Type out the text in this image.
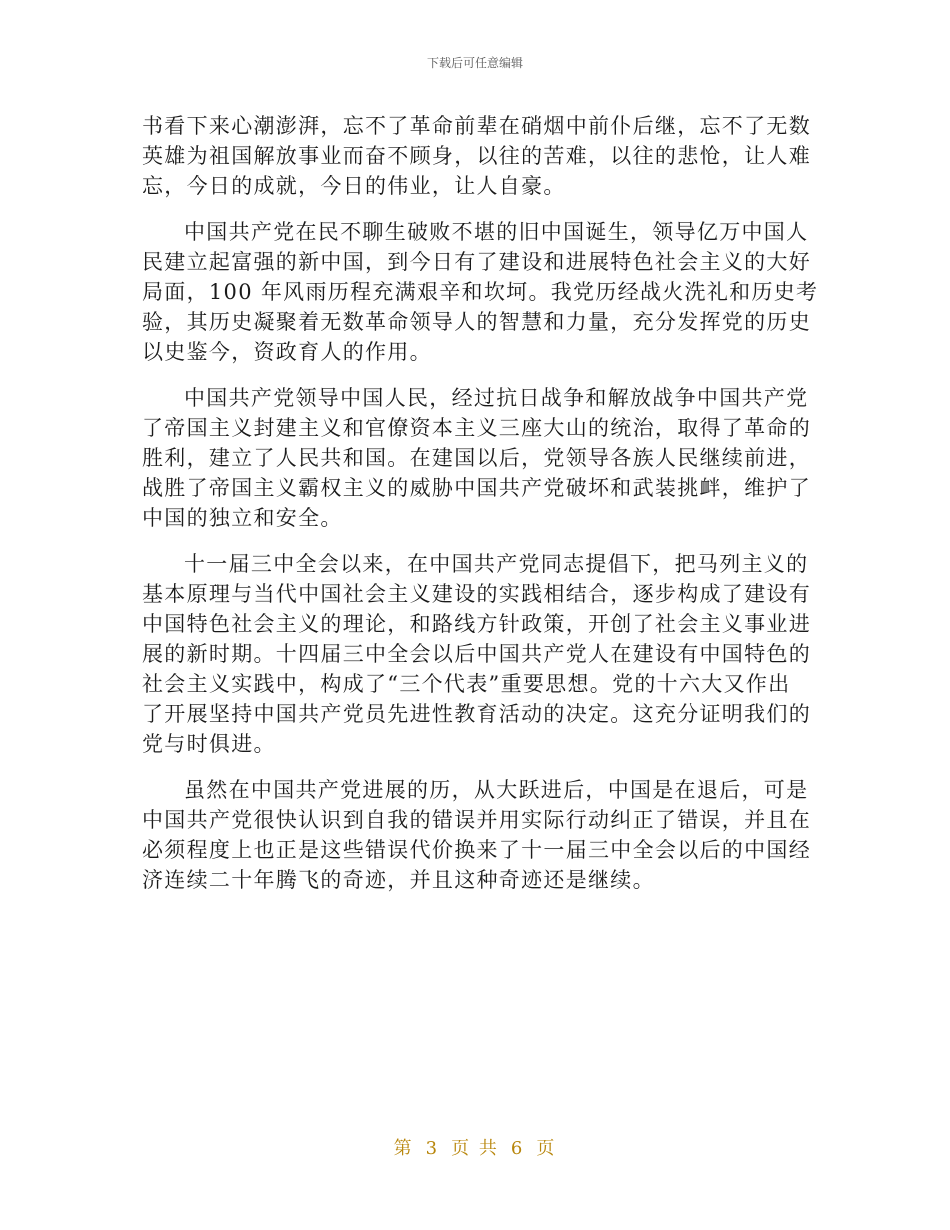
下载后可任意编辑
书看下来心潮澎湃，忘不了革命前辈在硝烟中前仆后继，忘不了无数
英雄为祖国解放事业而奋不顾身，以往的苦难，以往的悲怆，让人难
忘，今日的成就，今日的伟业，让人自豪。
中国共产党在民不聊生破败不堪的旧中国诞生，领导亿万中国人
民建立起富强的新中国，到今日有了建设和进展特色社会主义的大好
局面，100 年风雨历程充满艰辛和坎坷。我党历经战火洗礼和历史考
验，其历史凝聚着无数革命领导人的智慧和力量，充分发挥党的历史
以史鉴今，资政育人的作用。
中国共产党领导中国人民，经过抗日战争和解放战争中国共产党
了帝国主义封建主义和官僚资本主义三座大山的统治，取得了革命的
胜利，建立了人民共和国。在建国以后，党领导各族人民继续前进，
战胜了帝国主义霸权主义的威胁中国共产党破坏和武装挑衅，维护了
中国的独立和安全。
十一届三中全会以来，在中国共产党同志提倡下，把马列主义的
基本原理与当代中国社会主义建设的实践相结合，逐步构成了建设有
中国特色社会主义的理论，和路线方针政策，开创了社会主义事业进
展的新时期。十四届三中全会以后中国共产党人在建设有中国特色的
社会主义实践中，构成了“三个代表”重要思想。党的十六大又作出
了开展坚持中国共产党员先进性教育活动的决定。这充分证明我们的
党与时俱进。
虽然在中国共产党进展的历，从大跃进后，中国是在退后，可是
中国共产党很快认识到自我的错误并用实际行动纠正了错误，并且在
必须程度上也正是这些错误代价换来了十一届三中全会以后的中国经
济连续二十年腾飞的奇迹，并且这种奇迹还是继续。
第 3 页 共 6 页
